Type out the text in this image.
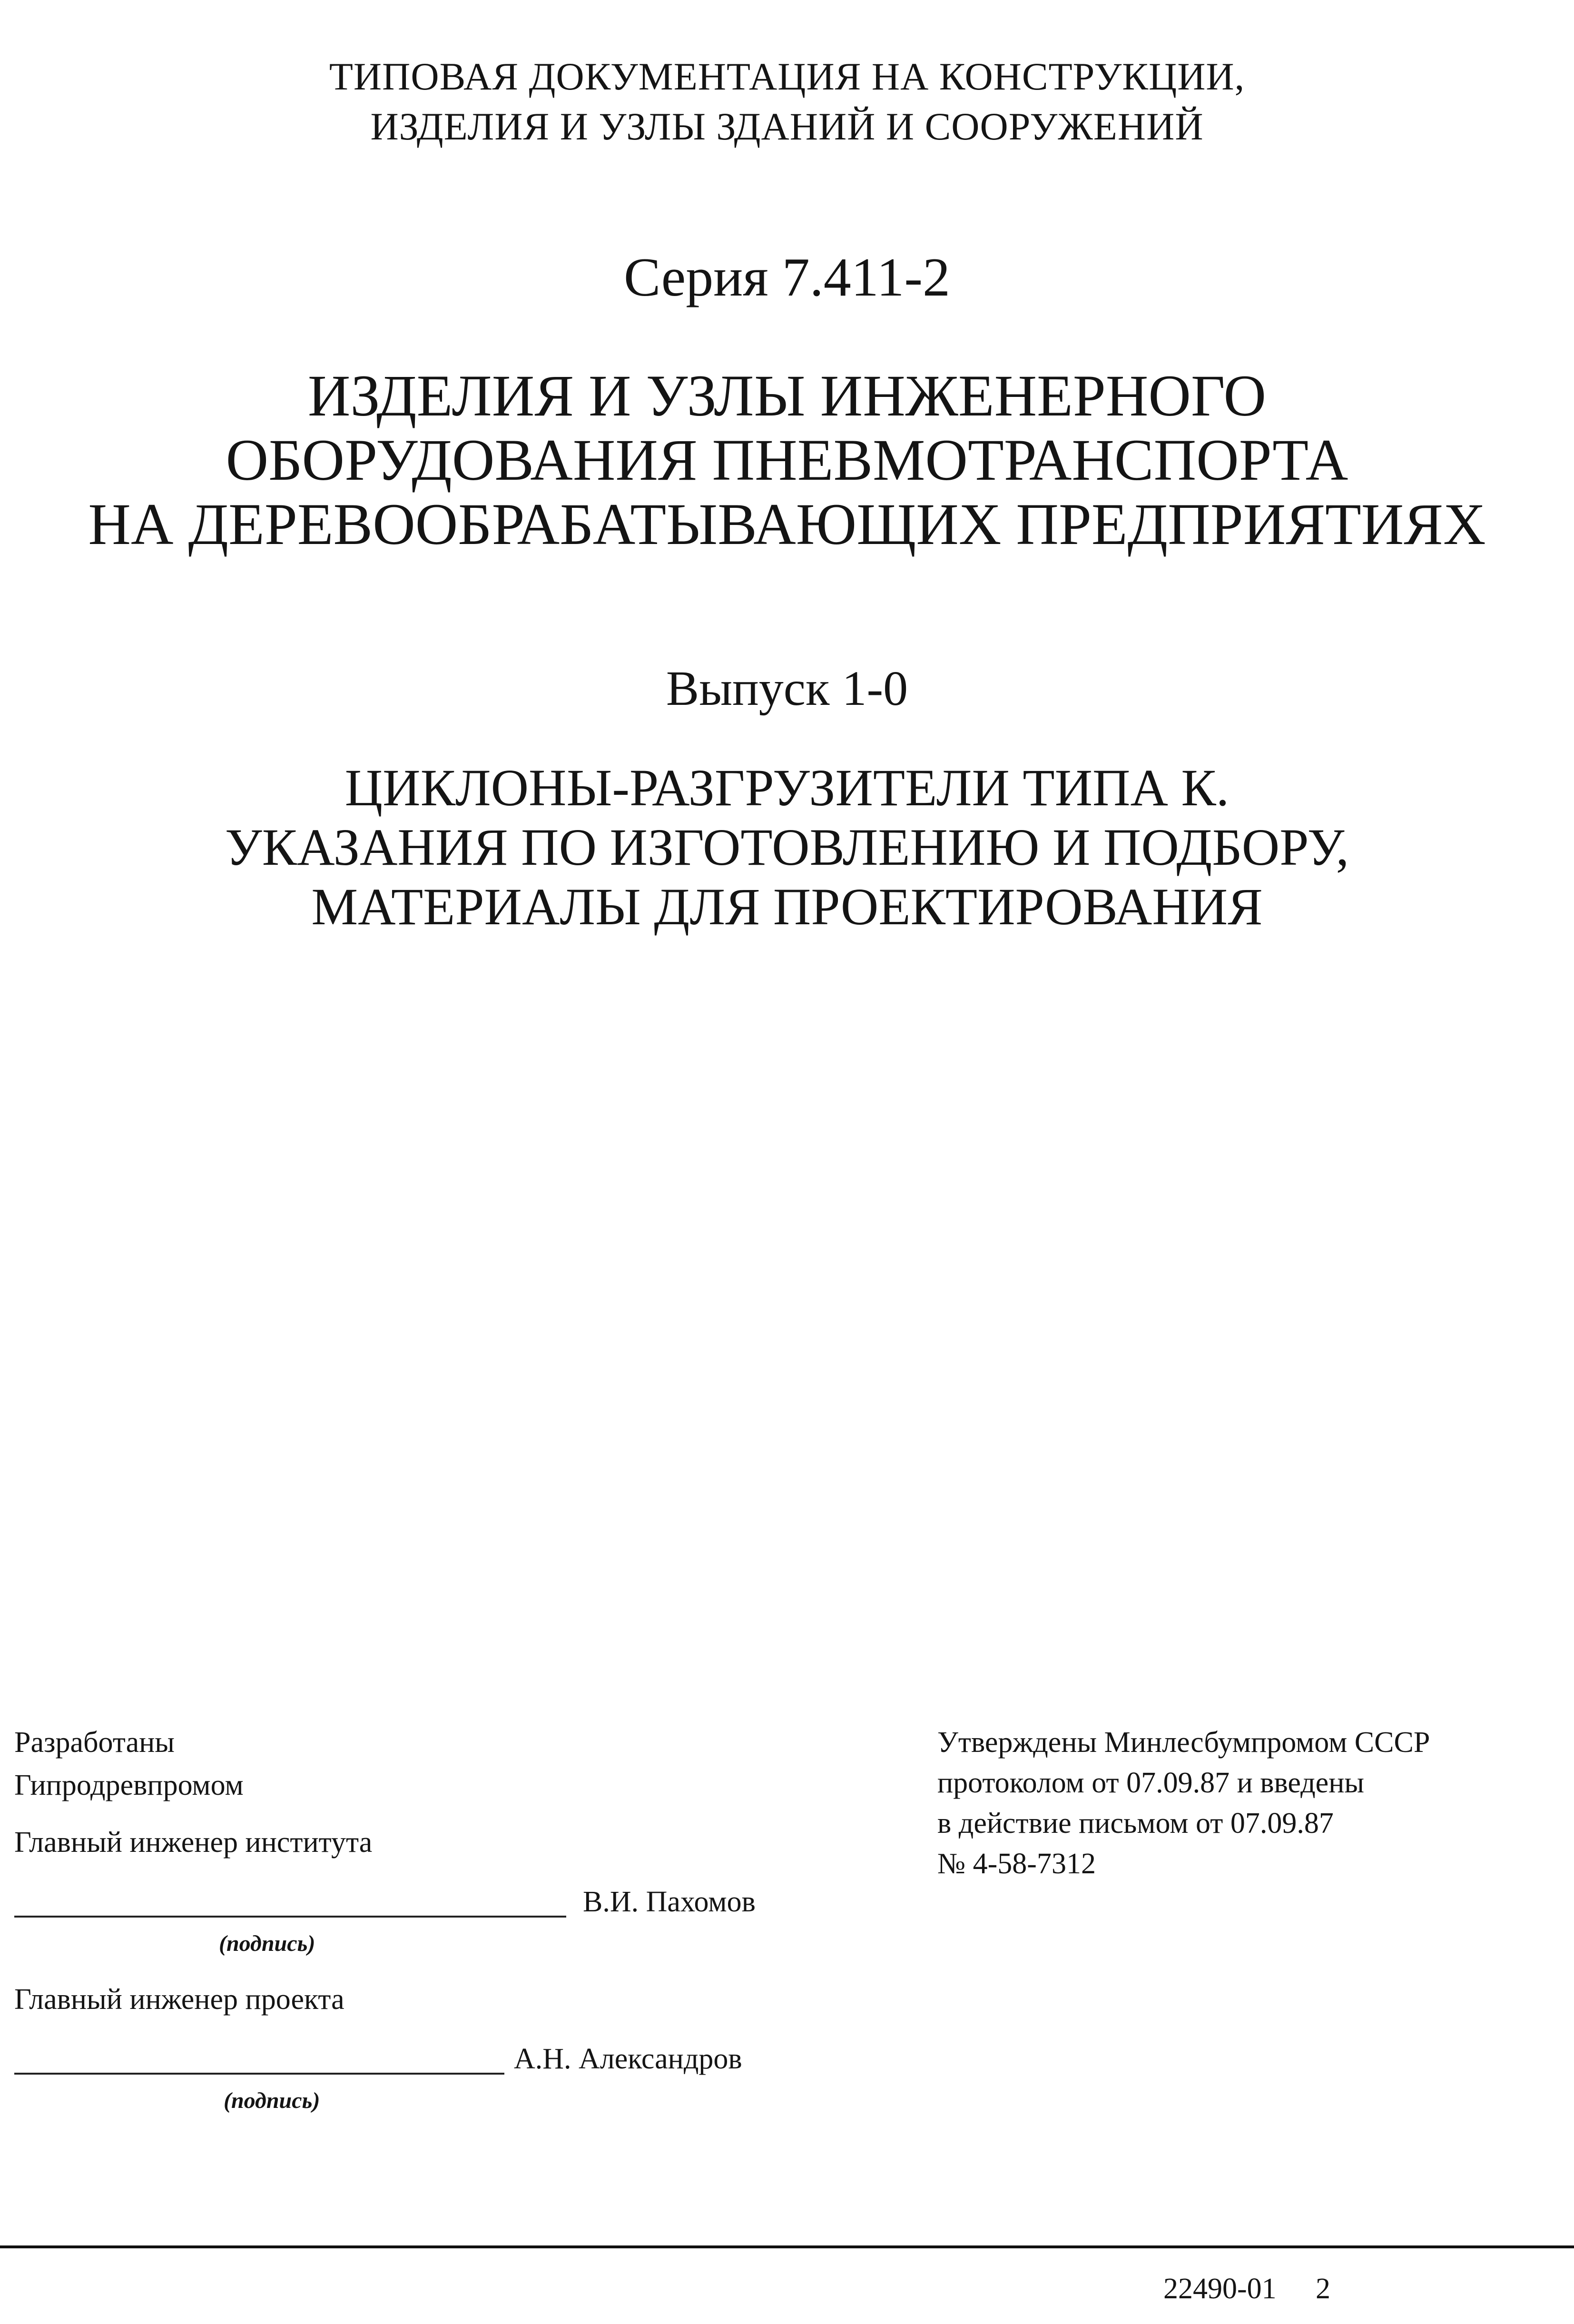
ТИПОВАЯ ДОКУМЕНТАЦИЯ НА КОНСТРУКЦИИ,
ИЗДЕЛИЯ И УЗЛЫ ЗДАНИЙ И СООРУЖЕНИЙ
Серия 7.411-2
ИЗДЕЛИЯ И УЗЛЫ ИНЖЕНЕРНОГО
ОБОРУДОВАНИЯ ПНЕВМОТРАНСПОРТА
НА ДЕРЕВООБРАБАТЫВАЮЩИХ ПРЕДПРИЯТИЯХ
Выпуск 1-0
ЦИКЛОНЫ-РАЗГРУЗИТЕЛИ ТИПА К.
УКАЗАНИЯ ПО ИЗГОТОВЛЕНИЮ И ПОДБОРУ,
МАТЕРИАЛЫ ДЛЯ ПРОЕКТИРОВАНИЯ
Разработаны
Гипродревпромом
Главный инженер института
В.И. Пахомов
(подпись)
Главный инженер проекта
А.Н. Александров
(подпись)
Утверждены Минлесбумпромом СССР
протоколом от 07.09.87 и введены
в действие письмом от 07.09.87
№ 4-58-7312
22490-01 2
